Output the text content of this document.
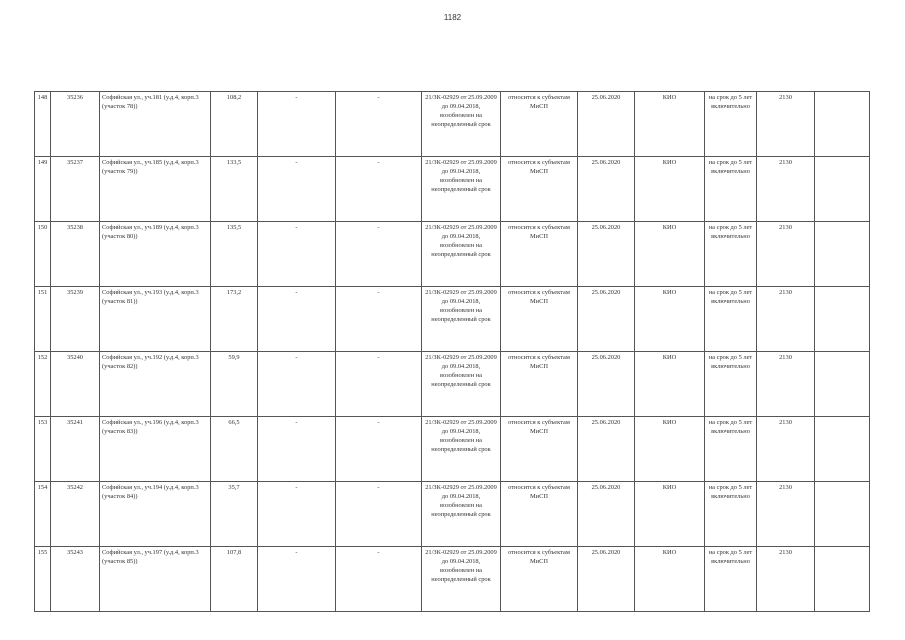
1182
148	35236	Софийская ул., уч.181 (у.д.4, корп.3 (участок 78))	108,2	-	-	21/ЗК-02929 от 25.09.2009 до 09.04.2018, возобновлен на неопределенный срок	относится к субъектам МиСП	25.06.2020	КИО	на срок до 5 лет включительно	2130	
149	35237	Софийская ул., уч.185 (у.д.4, корп.3 (участок 79))	133,5	-	-	21/ЗК-02929 от 25.09.2009 до 09.04.2018, возобновлен на неопределенный срок	относится к субъектам МиСП	25.06.2020	КИО	на срок до 5 лет включительно	2130	
150	35238	Софийская ул., уч.189 (у.д.4, корп.3 (участок 80))	135,5	-	-	21/ЗК-02929 от 25.09.2009 до 09.04.2018, возобновлен на неопределенный срок	относится к субъектам МиСП	25.06.2020	КИО	на срок до 5 лет включительно	2130	
151	35239	Софийская ул., уч.193 (у.д.4, корп.3 (участок 81))	173,2	-	-	21/ЗК-02929 от 25.09.2009 до 09.04.2018, возобновлен на неопределенный срок	относится к субъектам МиСП	25.06.2020	КИО	на срок до 5 лет включительно	2130	
152	35240	Софийская ул., уч.192 (у.д.4, корп.3 (участок 82))	59,9	-	-	21/ЗК-02929 от 25.09.2009 до 09.04.2018, возобновлен на неопределенный срок	относится к субъектам МиСП	25.06.2020	КИО	на срок до 5 лет включительно	2130	
153	35241	Софийская ул., уч.196 (у.д.4, корп.3 (участок 83))	66,5	-	-	21/ЗК-02929 от 25.09.2009 до 09.04.2018, возобновлен на неопределенный срок	относится к субъектам МиСП	25.06.2020	КИО	на срок до 5 лет включительно	2130	
154	35242	Софийская ул., уч.194 (у.д.4, корп.3 (участок 84))	35,7	-	-	21/ЗК-02929 от 25.09.2009 до 09.04.2018, возобновлен на неопределенный срок	относится к субъектам МиСП	25.06.2020	КИО	на срок до 5 лет включительно	2130	
155	35243	Софийская ул., уч.197 (у.д.4, корп.3 (участок 85))	107,8	-	-	21/ЗК-02929 от 25.09.2009 до 09.04.2018, возобновлен на неопределенный срок	относится к субъектам МиСП	25.06.2020	КИО	на срок до 5 лет включительно	2130	
